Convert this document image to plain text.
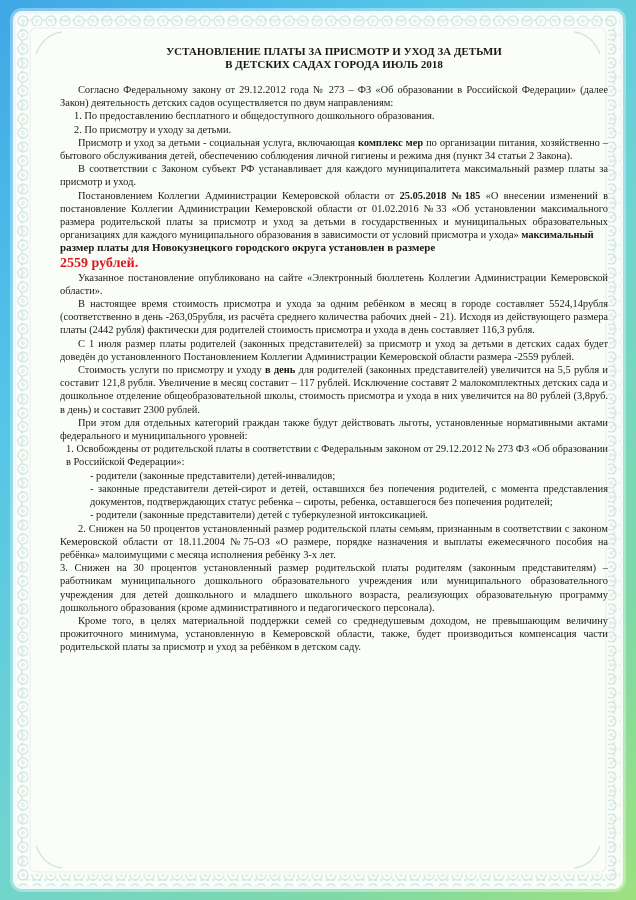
УСТАНОВЛЕНИЕ ПЛАТЫ ЗА ПРИСМОТР И УХОД ЗА ДЕТЬМИ
В ДЕТСКИХ САДАХ ГОРОДА ИЮЛЬ 2018

Согласно Федеральному закону от 29.12.2012 года № 273 – ФЗ «Об образовании в Российской Федерации» (далее Закон) деятельность детских садов осуществляется по двум направлениям:

1. По предоставлению бесплатного и общедоступного дошкольного образования.

2. По присмотру и уходу за детьми.

Присмотр и уход за детьми - социальная услуга, включающая комплекс мер по организации питания, хозяйственно – бытового обслуживания детей, обеспечению соблюдения личной гигиены и режима дня (пункт 34 статьи 2 Закона).

В соответствии с Законом субъект РФ устанавливает для каждого муниципалитета максимальный размер платы за присмотр и уход.

Постановлением Коллегии Администрации Кемеровской области от 25.05.2018 №185 «О внесении изменений в постановление Коллегии Администрации Кемеровской области от 01.02.2016 №33 «Об установлении максимального размера родительской платы за присмотр и уход за детьми в государственных и муниципальных образовательных организациях для каждого муниципального образования в зависимости от условий присмотра и ухода» максимальный

размер платы для Новокузнецкого городского округа установлен в размере

2559 рублей.

Указанное постановление опубликовано на сайте «Электронный бюллетень Коллегии Администрации Кемеровской области».

В настоящее время стоимость присмотра и ухода за одним ребёнком в месяц в городе составляет 5524,14рубля (соответственно в день -263,05рубля, из расчёта среднего количества рабочих дней - 21). Исходя из действующего размера платы (2442 рубля) фактически для родителей стоимость присмотра и ухода в день составляет 116,3 рубля.

С 1 июля размер платы родителей (законных представителей) за присмотр и уход за детьми в детских садах будет доведён до установленного Постановлением Коллегии Администрации Кемеровской области размера -2559 рублей.

Стоимость услуги по присмотру и уходу в день для родителей (законных представителей) увеличится на 5,5 рубля и составит 121,8 рубля. Увеличение в месяц составит – 117 рублей. Исключение составят 2 малокомплектных детских сада и дошкольное отделение общеобразовательной школы, стоимость присмотра и ухода в них увеличится на 80 рублей (3,8руб. в день) и составит 2300 рублей.

При этом для отдельных категорий граждан также будут действовать льготы, установленные нормативными актами федерального и муниципального уровней:

1. Освобождены от родительской платы в соответствии с Федеральным законом от 29.12.2012 № 273 ФЗ «Об образовании в Российской Федерации»:

- родители (законные представители) детей-инвалидов;

- законные представители детей-сирот и детей, оставшихся без попечения родителей, с момента представления документов, подтверждающих статус ребенка – сироты, ребенка, оставшегося без попечения родителей;

- родители (законные представители) детей с туберкулезной интоксикацией.

2. Снижен на 50 процентов установленный размер родительской платы семьям, признанным в соответствии с законом Кемеровской области от 18.11.2004 №75-ОЗ «О размере, порядке назначения и выплаты ежемесячного пособия на ребёнка» малоимущими с месяца исполнения ребёнку 3-х лет.

3. Снижен на 30 процентов установленный размер родительской платы родителям (законным представителям) – работникам муниципального дошкольного образовательного учреждения или муниципального образовательного учреждения для детей дошкольного и младшего школьного возраста, реализующих образовательную программу дошкольного образования (кроме административного и педагогического персонала).

Кроме того, в целях материальной поддержки семей со среднедушевым доходом, не превышающим величину прожиточного минимума, установленную в Кемеровской области, также, будет производиться компенсация части родительской платы за присмотр и уход за ребёнком в детском саду.
